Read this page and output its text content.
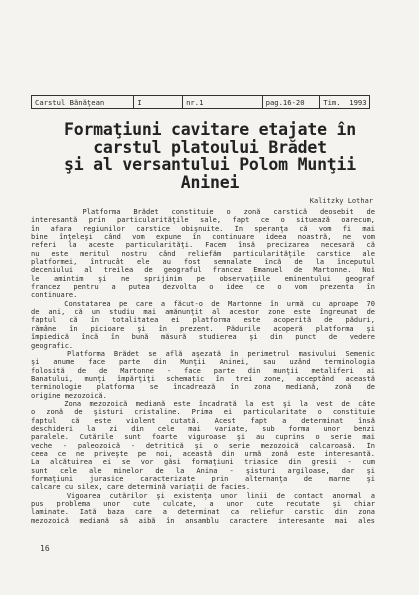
Carstul Bănăţean	I	nr.1	pag.16-20	Tim. 1993
Formaţiuni cavitare etajate în
carstul platoului Brădet
şi al versantului Polom Munţii
Aninei
Kalitzky Lothar
Platforma Brădet constituie o zonă carstică deosebit de
interesantă prin particularităţile sale, fapt ce o situează oarecum,
în afara regiunilor carstice obişnuite. În speranţa că vom fi mai
bine înţeleşi când vom expune în continuare ideea noastră, ne vom
referi la aceste particularităţi. Facem însă precizarea necesară că
nu este meritul nostru când reliefăm particularităţile carstice ale
platformei, întrucât ele au fost semnalate încă de la începutul
deceniului al treilea de geograful francez Emanuel de Martonne. Noi
le amintim şi ne sprijinim pe observaţiile eminentului geograf
francez pentru a putea dezvolta o idee ce o vom prezenta în
continuare.
Constatarea pe care a făcut-o de Martonne în urmă cu aproape 70
de ani, că un studiu mai amănunţit al acestor zone este îngreunat de
faptul că în totalitatea ei platforma este acoperită de păduri,
rămâne în picioare şi în prezent. Pădurile acoperă platforma şi
împiedică încă în bună măsură studierea şi din punct de vedere
geografic.
Platforma Brădet se află aşezată în perimetrul masivului Semenic
şi anume face parte din Munţii Aninei, sau uzând terminologia
folosită de de Martonne - face parte din munţii metaliferi ai
Banatului, munţi împărţiţi schematic în trei zone, acceptând această
terminologie platforma se încadrează în zona mediană, zonă de
origine mezozoică.
Zona mezozoică mediană este încadrată la est şi la vest de câte
o zonă de şisturi cristaline. Prima ei particularitate o constituie
faptul că este violent cutată. Acest fapt a determinat însă
deschideri la zi din cele mai variate, sub forma unor benzi
paralele. Cutările sunt foarte viguroase şi au cuprins o serie mai
veche - paleozoică - detritică şi o serie mezozoică calcaroasă. În
ceea ce ne priveşte pe noi, această din urmă zonă este interesantă.
La alcătuirea ei se vor găsi formaţiuni triasice din gresii - cum
sunt cele ale minelor de la Anina - şisturi argiloase, dar şi
formaţiuni jurasice caracterizate prin alternanţa de marne şi
calcare cu silex, care determină variaţii de facies.
Vigoarea cutărilor şi existenţa unor linii de contact anormal a
pus problema unor cute culcate, a unor cute recutate şi chiar
laminate. Iată baza care a determinat ca reliefur carstic din zona
mezozoică mediană să aibă în ansamblu caractere interesante mai ales
16
